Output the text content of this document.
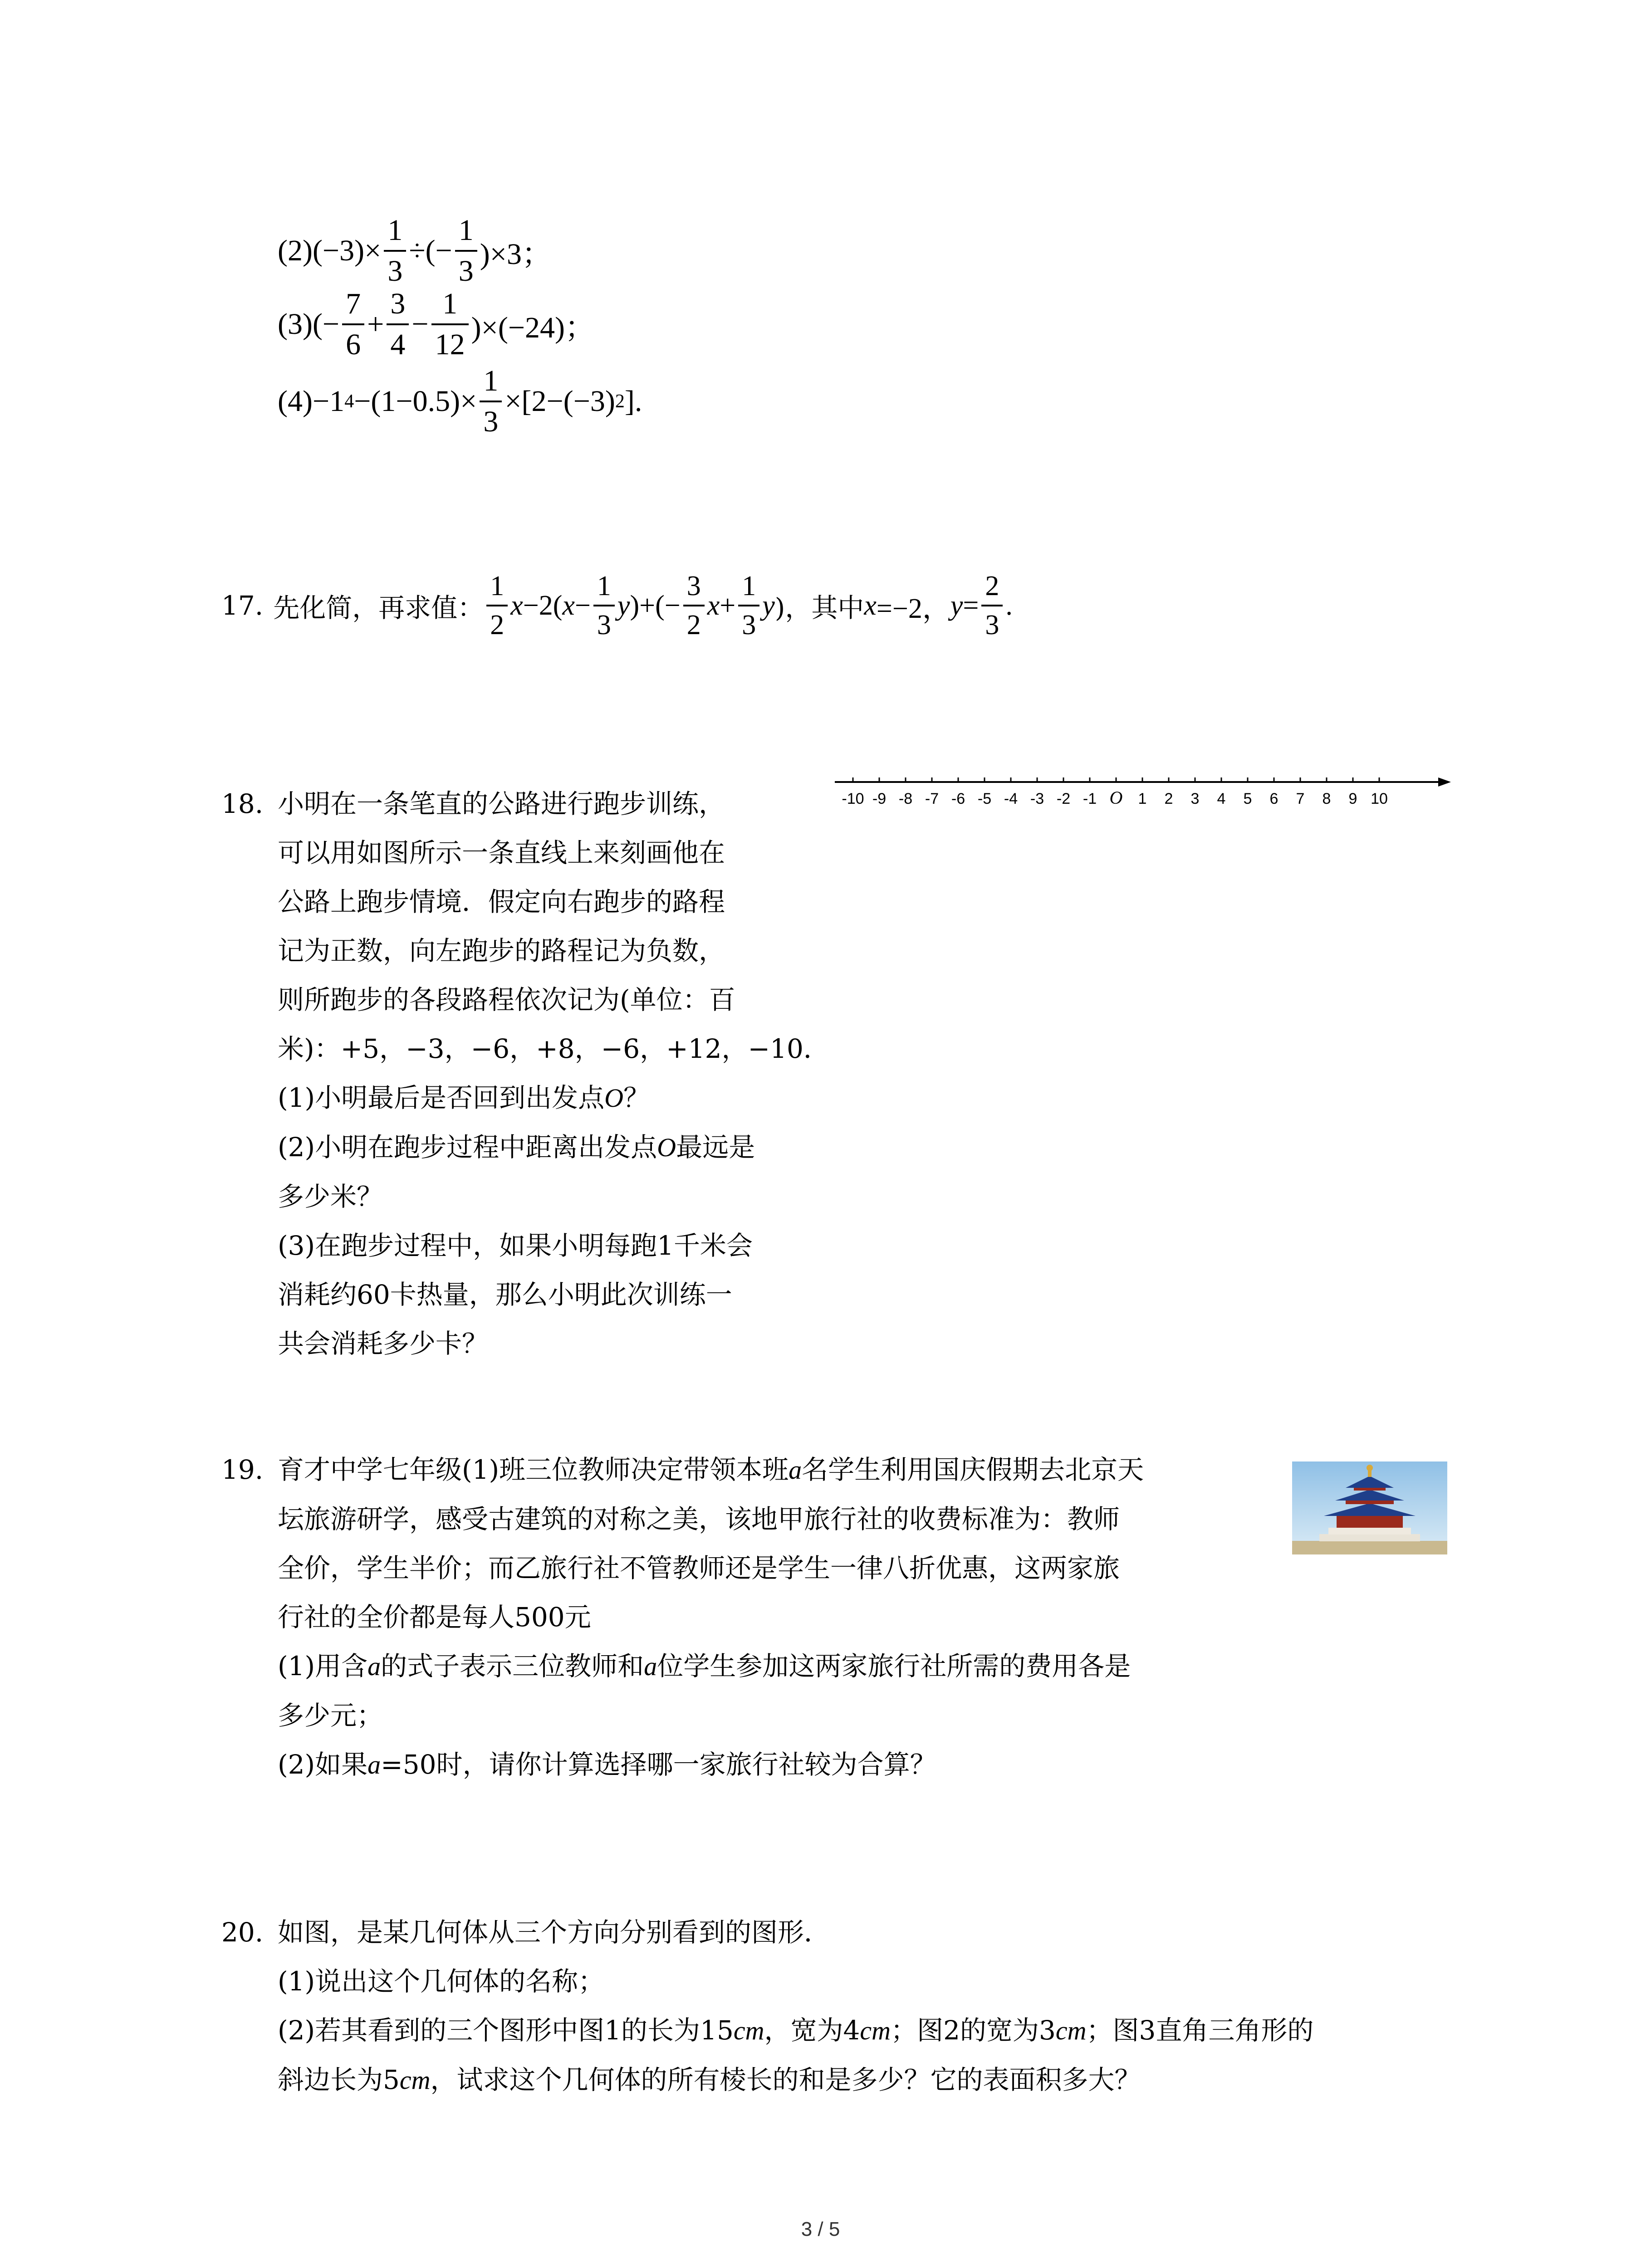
$(2)(-3)\times \frac{1}{3}$ ÷(− $\frac{1}{3} )\times 3$；
$(3)(- \frac{7}{6} + \frac{3}{4} - \frac{1}{12} )\times(-24)$；
(4)−1 $4 -(1-0.5)\times \frac{1}{3} \times[2-(-3)$ 2 ].
17. 先化简，再求值： $\frac{1}{2}$ x −2( $x - \frac{1}{3}$ y )+(− $\frac{3}{2}$ $x + \frac{1}{3}$ y )，其中 x =−2， $y = \frac{2}{3}$ .
18. 小明在一条笔直的公路进行跑步训练，
可以用如图所示一条直线上来刻画他在
公路上跑步情境．假定向右跑步的路程
记为正数，向左跑步的路程记为负数，
则所跑步的各段路程依次记为(单位：百
米)：+5，−3，−6，+8，−6，+12，−10．
(1)小明最后是否回到出发点O？
(2)小明在跑步过程中距离出发点O最远是
多少米？
(3)在跑步过程中，如果小明每跑1千米会
消耗约60卡热量，那么小明此次训练一
共会消耗多少卡？
-10 -9 -8 -7 -6 -5 -4 -3 -2 -1 O 1 2 3 4 5 6 7 8 9 10
19. 育才中学七年级(1)班三位教师决定带领本班a名学生利用国庆假期去北京天
坛旅游研学，感受古建筑的对称之美，该地甲旅行社的收费标准为：教师
全价，学生半价；而乙旅行社不管教师还是学生一律八折优惠，这两家旅
行社的全价都是每人500元
(1)用含a的式子表示三位教师和a位学生参加这两家旅行社所需的费用各是
多少元；
(2)如果a=50时，请你计算选择哪一家旅行社较为合算？
20. 如图，是某几何体从三个方向分别看到的图形．
(1)说出这个几何体的名称；
(2)若其看到的三个图形中图1的长为15cm，宽为4cm；图2的宽为3cm；图3直角三角形的
斜边长为5cm，试求这个几何体的所有棱长的和是多少？它的表面积多大？
3 / 5
